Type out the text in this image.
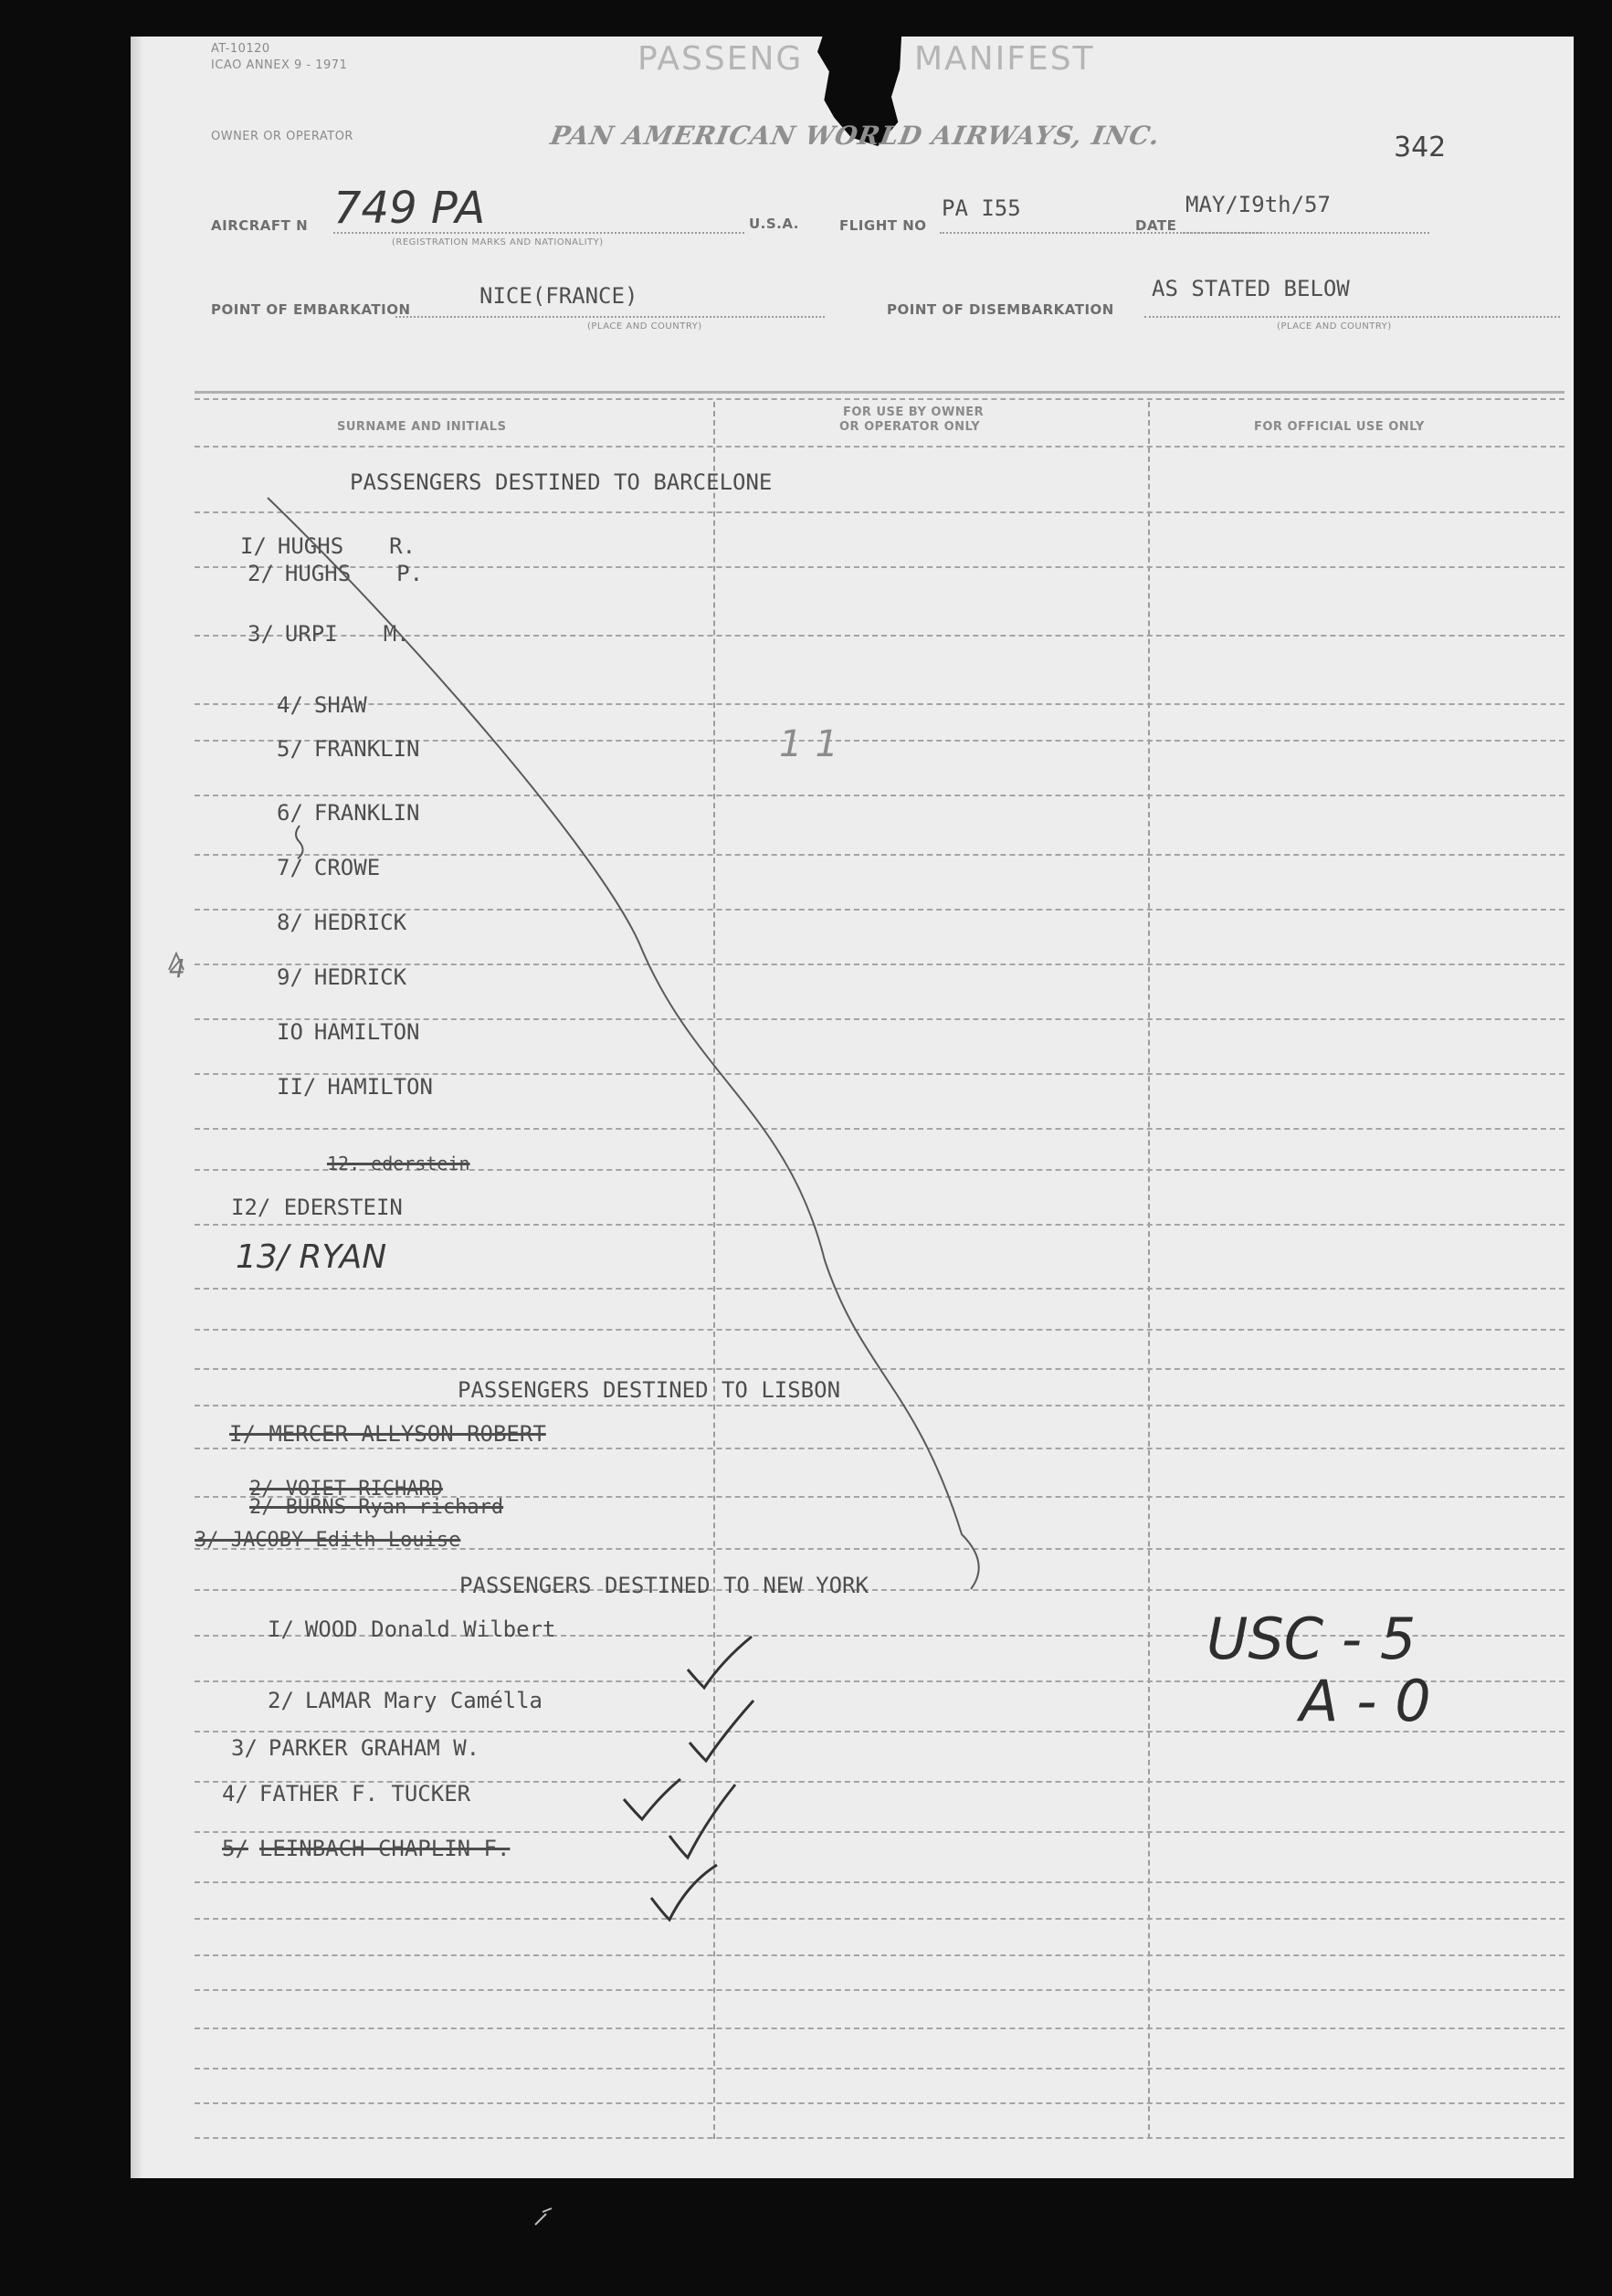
AT-10120
ICAO ANNEX 9 - 1971	PASSENG	MANIFEST
OWNER OR OPERATOR	PAN AMERICAN WORLD AIRWAYS, INC.	342
AIRCRAFT N 749 PA
(REGISTRATION MARKS AND NATIONALITY)
U.S.A.	FLIGHT NO
PA I55
DATE
MAY/I9th/57
POINT OF EMBARKATION
NICE(FRANCE)
(PLACE AND COUNTRY)
POINT OF DISEMBARKATION
AS STATED BELOW
(PLACE AND COUNTRY)
SURNAME AND INITIALS
FOR USE BY OWNER
OR OPERATOR ONLY	FOR OFFICIAL USE ONLY
PASSENGERS DESTINED TO BARCELONE
I/ HUGHS R.
2/ HUGHS P.
3/ URPI M.
4/ SHAW
5/ FRANKLIN
6/ FRANKLIN
7/ CROWE
8/ HEDRICK
9/ HEDRICK
IO HAMILTON
II/ HAMILTON
12. ederstein
I2/ EDERSTEIN
13/ RYAN
PASSENGERS DESTINED TO LISBON
I/ MERCER ALLYSON ROBERT
2/ VOIET RICHARD
2/ BURNS Ryan richard
3/ JACOBY Edith Louise
PASSENGERS DESTINED TO NEW YORK
I/ WOOD Donald Wilbert
2/ LAMAR Mary Camélla
3/ PARKER GRAHAM W.
4/ FATHER F. TUCKER
5/ LEINBACH CHAPLIN F.
USC - 5
A - 0
4
11
